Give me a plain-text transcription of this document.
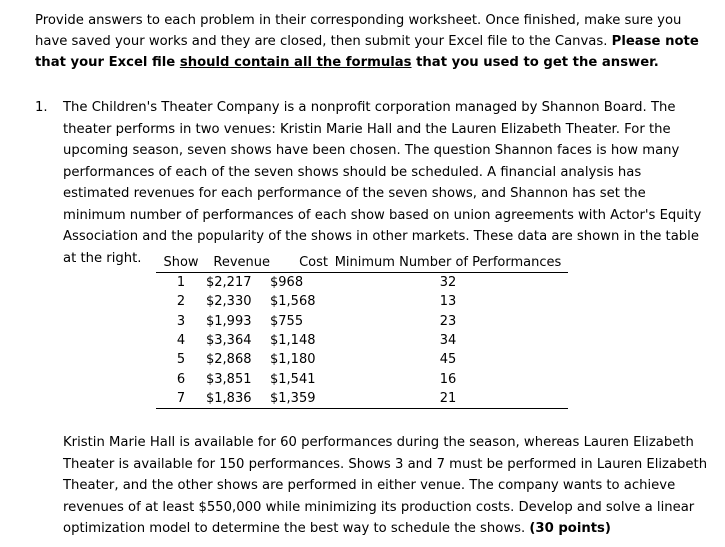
Provide answers to each problem in their corresponding worksheet. Once finished, make sure you have saved your works and they are closed, then submit your Excel file to the Canvas. Please note that your Excel file should contain all the formulas that you used to get the answer.
1. The Children's Theater Company is a nonprofit corporation managed by Shannon Board. The theater performs in two venues: Kristin Marie Hall and the Lauren Elizabeth Theater. For the upcoming season, seven shows have been chosen. The question Shannon faces is how many performances of each of the seven shows should be scheduled. A financial analysis has estimated revenues for each performance of the seven shows, and Shannon has set the minimum number of performances of each show based on union agreements with Actor's Equity Association and the popularity of the shows in other markets. These data are shown in the table at the right.	Show	Revenue	Cost	Minimum Number of Performances
1	$2,217	$968	32
2	$2,330	$1,568	13
3	$1,993	$755	23
4	$3,364	$1,148	34
5	$2,868	$1,180	45
6	$3,851	$1,541	16
7	$1,836	$1,359	21
Kristin Marie Hall is available for 60 performances during the season, whereas Lauren Elizabeth Theater is available for 150 performances. Shows 3 and 7 must be performed in Lauren Elizabeth Theater, and the other shows are performed in either venue. The company wants to achieve revenues of at least $550,000 while minimizing its production costs. Develop and solve a linear optimization model to determine the best way to schedule the shows. (30 points)
